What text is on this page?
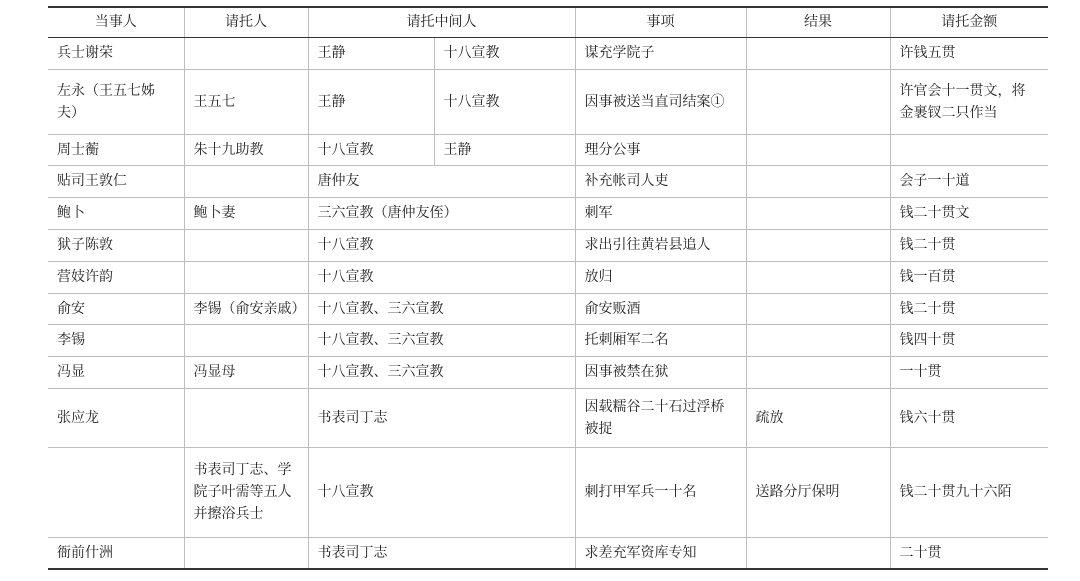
当事人	请托人	请托中间人		事项	结果	请托金额
兵士谢荣		王静	十八宣教	谋充学院子		许钱五贯
左永（王五七姊夫）	王五七	王静	十八宣教	因事被送当直司结案①		许官会十一贯文，将金裹钗二只作当
周士蘅	朱十九助教	十八宣教	王静	理分公事		
贴司王敦仁		唐仲友		补充帐司人吏		会子一十道
鲍卜	鲍卜妻	三六宣教（唐仲友侄）		刺军		钱二十贯文
狱子陈敦		十八宣教		求出引往黄岩县追人		钱二十贯
营妓许韵		十八宣教		放归		钱一百贯
俞安	李锡（俞安亲戚）	十八宣教、三六宣教		俞安贩酒		钱二十贯
李锡		十八宣教、三六宣教		托刺厢军二名		钱四十贯
冯显	冯显母	十八宣教、三六宣教		因事被禁在狱		一十贯
张应龙		书表司丁志		因载糯谷二十石过浮桥被捉	疏放	钱六十贯
	书表司丁志、学院子叶需等五人并擦浴兵士	十八宣教		刺打甲军兵一十名	送路分厅保明	钱二十贯九十六陌
衙前什洲		书表司丁志		求差充军资库专知		二十贯
